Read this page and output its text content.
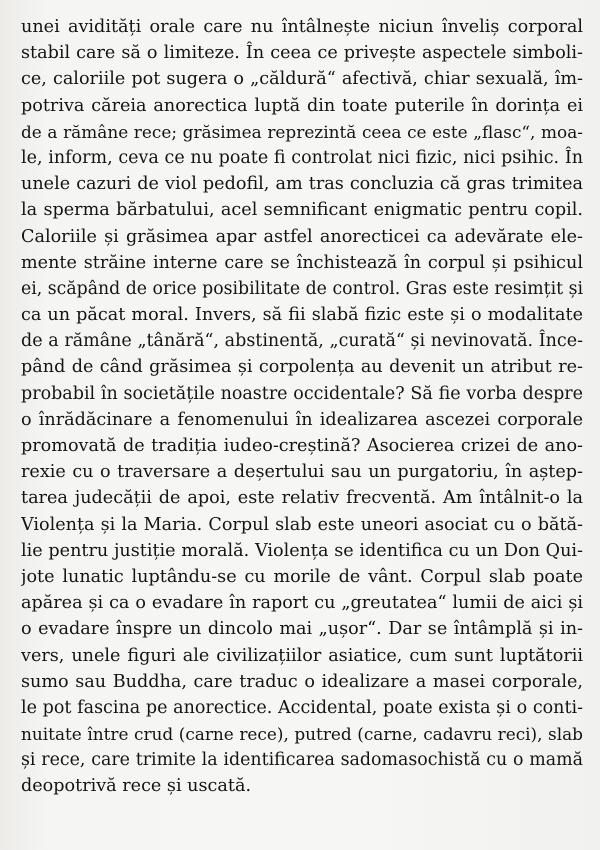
unei avidități orale care nu întâlnește niciun înveliș corporal
stabil care să o limiteze. În ceea ce privește aspectele simboli-
ce, caloriile pot sugera o „căldură“ afectivă, chiar sexuală, îm-
potriva căreia anorectica luptă din toate puterile în dorința ei
de a rămâne rece; grăsimea reprezintă ceea ce este „flasc“, moa-
le, inform, ceva ce nu poate fi controlat nici fizic, nici psihic. În
unele cazuri de viol pedofil, am tras concluzia că gras trimitea
la sperma bărbatului, acel semnificant enigmatic pentru copil.
Caloriile și grăsimea apar astfel anorecticei ca adevărate ele-
mente străine interne care se închistează în corpul și psihicul
ei, scăpând de orice posibilitate de control. Gras este resimțit și
ca un păcat moral. Invers, să fii slabă fizic este și o modalitate
de a rămâne „tânără“, abstinentă, „curată“ și nevinovată. Înce-
pând de când grăsimea și corpolența au devenit un atribut re-
probabil în societățile noastre occidentale? Să fie vorba despre
o înrădăcinare a fenomenului în idealizarea ascezei corporale
promovată de tradiția iudeo-creștină? Asocierea crizei de ano-
rexie cu o traversare a deșertului sau un purgatoriu, în aștep-
tarea judecății de apoi, este relativ frecventă. Am întâlnit-o la
Violența și la Maria. Corpul slab este uneori asociat cu o bătă-
lie pentru justiție morală. Violența se identifica cu un Don Qui-
jote lunatic luptându-se cu morile de vânt. Corpul slab poate
apărea și ca o evadare în raport cu „greutatea“ lumii de aici și
o evadare înspre un dincolo mai „ușor“. Dar se întâmplă și in-
vers, unele figuri ale civilizațiilor asiatice, cum sunt luptătorii
sumo sau Buddha, care traduc o idealizare a masei corporale,
le pot fascina pe anorectice. Accidental, poate exista și o conti-
nuitate între crud (carne rece), putred (carne, cadavru reci), slab
și rece, care trimite la identificarea sadomasochistă cu o mamă
deopotrivă rece și uscată.
